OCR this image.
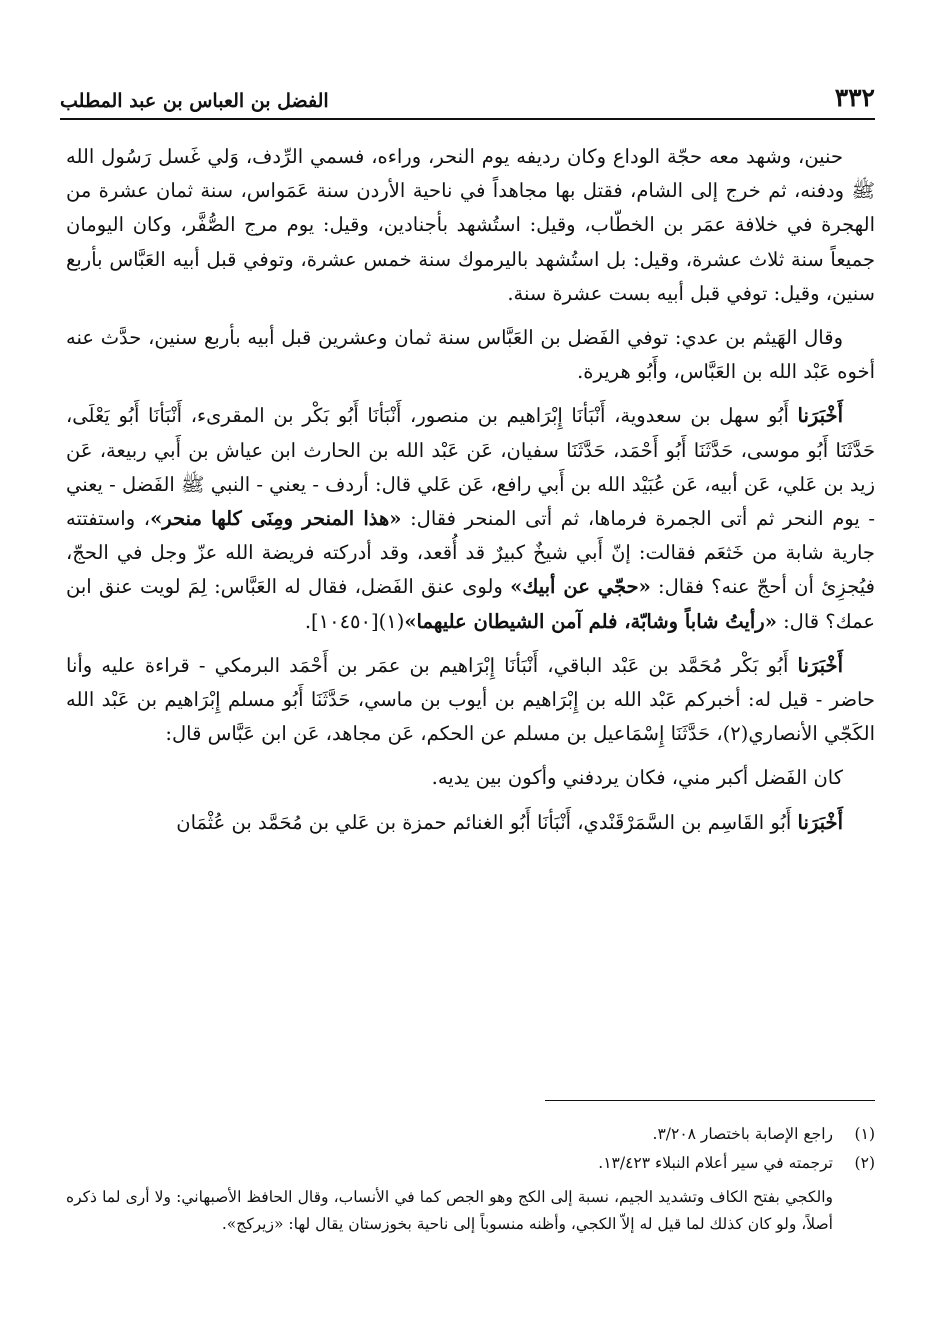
٣٣٢
الفضل بن العباس بن عبد المطلب

حنين، وشهد معه حجّة الوداع وكان رديفه يوم النحر، وراءه، فسمي الرِّدف، وَلي غَسل رَسُول الله ﷺ ودفنه، ثم خرج إلى الشام، فقتل بها مجاهداً في ناحية الأردن سنة عَمَواس، سنة ثمان عشرة من الهجرة في خلافة عمَر بن الخطّاب، وقيل: استُشهد بأجنادين، وقيل: يوم مرج الصُّفَّر، وكان اليومان جميعاً سنة ثلاث عشرة، وقيل: بل استُشهد باليرموك سنة خمس عشرة، وتوفي قبل أبيه العَبَّاس بأربع سنين، وقيل: توفي قبل أبيه بست عشرة سنة.

وقال الهَيثم بن عدي: توفي الفَضل بن العَبَّاس سنة ثمان وعشرين قبل أبيه بأربع سنين، حدَّث عنه أخوه عَبْد الله بن العَبَّاس، وأَبُو هريرة.

أَخْبَرَنا أَبُو سهل بن سعدوية، أَنْبَأنَا إِبْرَاهيم بن منصور، أَنْبَأنَا أَبُو بَكْر بن المقرىء، أَنْبَأنَا أَبُو يَعْلَى، حَدَّثَنَا أَبُو موسى، حَدَّثَنَا أَبُو أَحْمَد، حَدَّثَنَا سفيان، عَن عَبْد الله بن الحارث ابن عياش بن أَبي ربيعة، عَن زيد بن عَلي، عَن أبيه، عَن عُبَيْد الله بن أَبي رافع، عَن عَلي قال: أردف - يعني - النبي ﷺ الفَضل - يعني - يوم النحر ثم أتى الجمرة فرماها، ثم أتى المنحر فقال: «هذا المنحر ومِنَى كلها منحر»، واستفتته جارية شابة من خَثعَم فقالت: إنّ أَبي شيخٌ كبيرٌ قد أُقعد، وقد أدركته فريضة الله عزّ وجل في الحجّ، فيُجزِئ أن أحجّ عنه؟ فقال: «حجّي عن أبيك» ولوى عنق الفَضل، فقال له العَبَّاس: لِمَ لويت عنق ابن عمك؟ قال: «رأيتُ شاباً وشابّة، فلم آمن الشيطان عليهما»(١)[١٠٤٥٠].

أَخْبَرَنا أَبُو بَكْر مُحَمَّد بن عَبْد الباقي، أَنْبَأنَا إِبْرَاهيم بن عمَر بن أَحْمَد البرمكي - قراءة عليه وأنا حاضر - قيل له: أخبركم عَبْد الله بن إِبْرَاهيم بن أيوب بن ماسي، حَدَّثَنَا أَبُو مسلم إِبْرَاهيم بن عَبْد الله الكَجّي الأنصاري(٢)، حَدَّثَنَا إِسْمَاعيل بن مسلم عن الحكم، عَن مجاهد، عَن ابن عَبَّاس قال:

كان الفَضل أكبر مني، فكان يردفني وأكون بين يديه.

أَخْبَرَنا أَبُو القَاسِم بن السَّمَرْقَنْدي، أَنْبَأنَا أَبُو الغنائم حمزة بن عَلي بن مُحَمَّد بن عُثْمَان

(١)راجع الإصابة باختصار ٣/٢٠٨.

(٢)ترجمته في سير أعلام النبلاء ١٣/٤٢٣.

والكجي بفتح الكاف وتشديد الجيم، نسبة إلى الكج وهو الجص كما في الأنساب، وقال الحافظ الأصبهاني: ولا أرى لما ذكره أصلاً، ولو كان كذلك لما قيل له إلاّ الكجي، وأظنه منسوباً إلى ناحية بخوزستان يقال لها: «زيركج».
